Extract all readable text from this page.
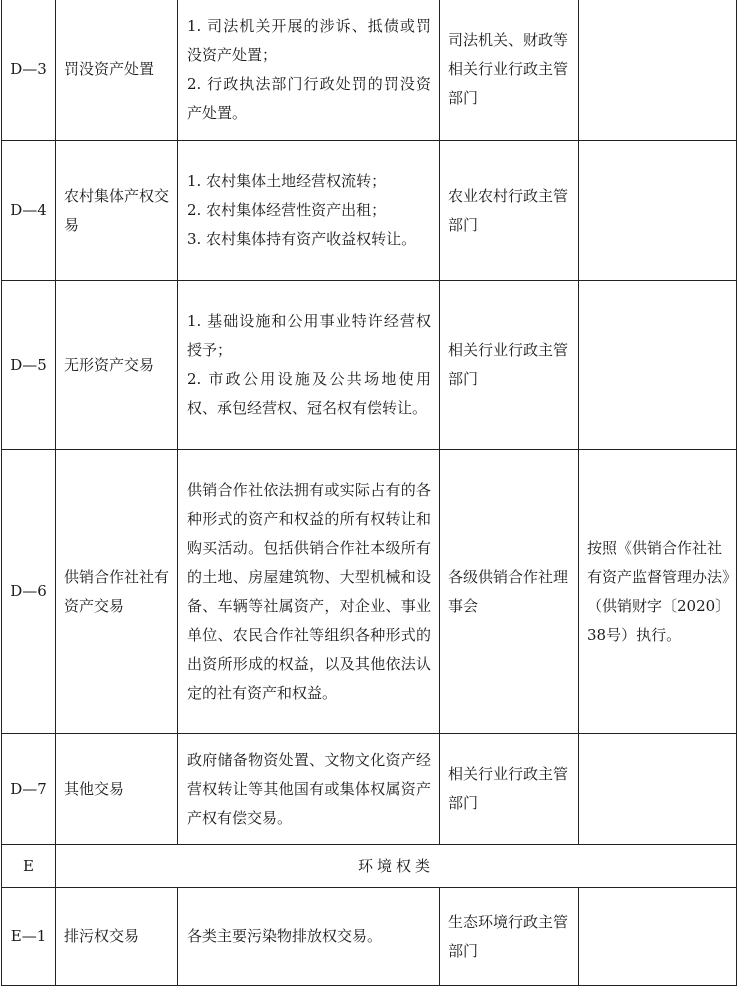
D—3	罚没资产处置	1. 司法机关开展的涉诉、抵债或罚没资产处置；
2. 行政执法部门行政处罚的罚没资产处置。	司法机关、财政等相关行业行政主管部门	

D—4	农村集体产权交易	1. 农村集体土地经营权流转；
2. 农村集体经营性资产出租；
3. 农村集体持有资产收益权转让。	农业农村行政主管部门	

D—5	无形资产交易	1. 基础设施和公用事业特许经营权授予；
2. 市政公用设施及公共场地使用权、承包经营权、冠名权有偿转让。	相关行业行政主管部门	

D—6	供销合作社社有资产交易	供销合作社依法拥有或实际占有的各种形式的资产和权益的所有权转让和购买活动。包括供销合作社本级所有的土地、房屋建筑物、大型机械和设备、车辆等社属资产，对企业、事业单位、农民合作社等组织各种形式的出资所形成的权益，以及其他依法认定的社有资产和权益。	各级供销合作社理事会	按照《供销合作社社有资产监督管理办法》（供销财字〔2020〕38号）执行。

D—7	其他交易	政府储备物资处置、文物文化资产经营权转让等其他国有或集体权属资产产权有偿交易。	相关行业行政主管部门	

E	环境权类			
E—1	排污权交易	各类主要污染物排放权交易。	生态环境行政主管部门	
